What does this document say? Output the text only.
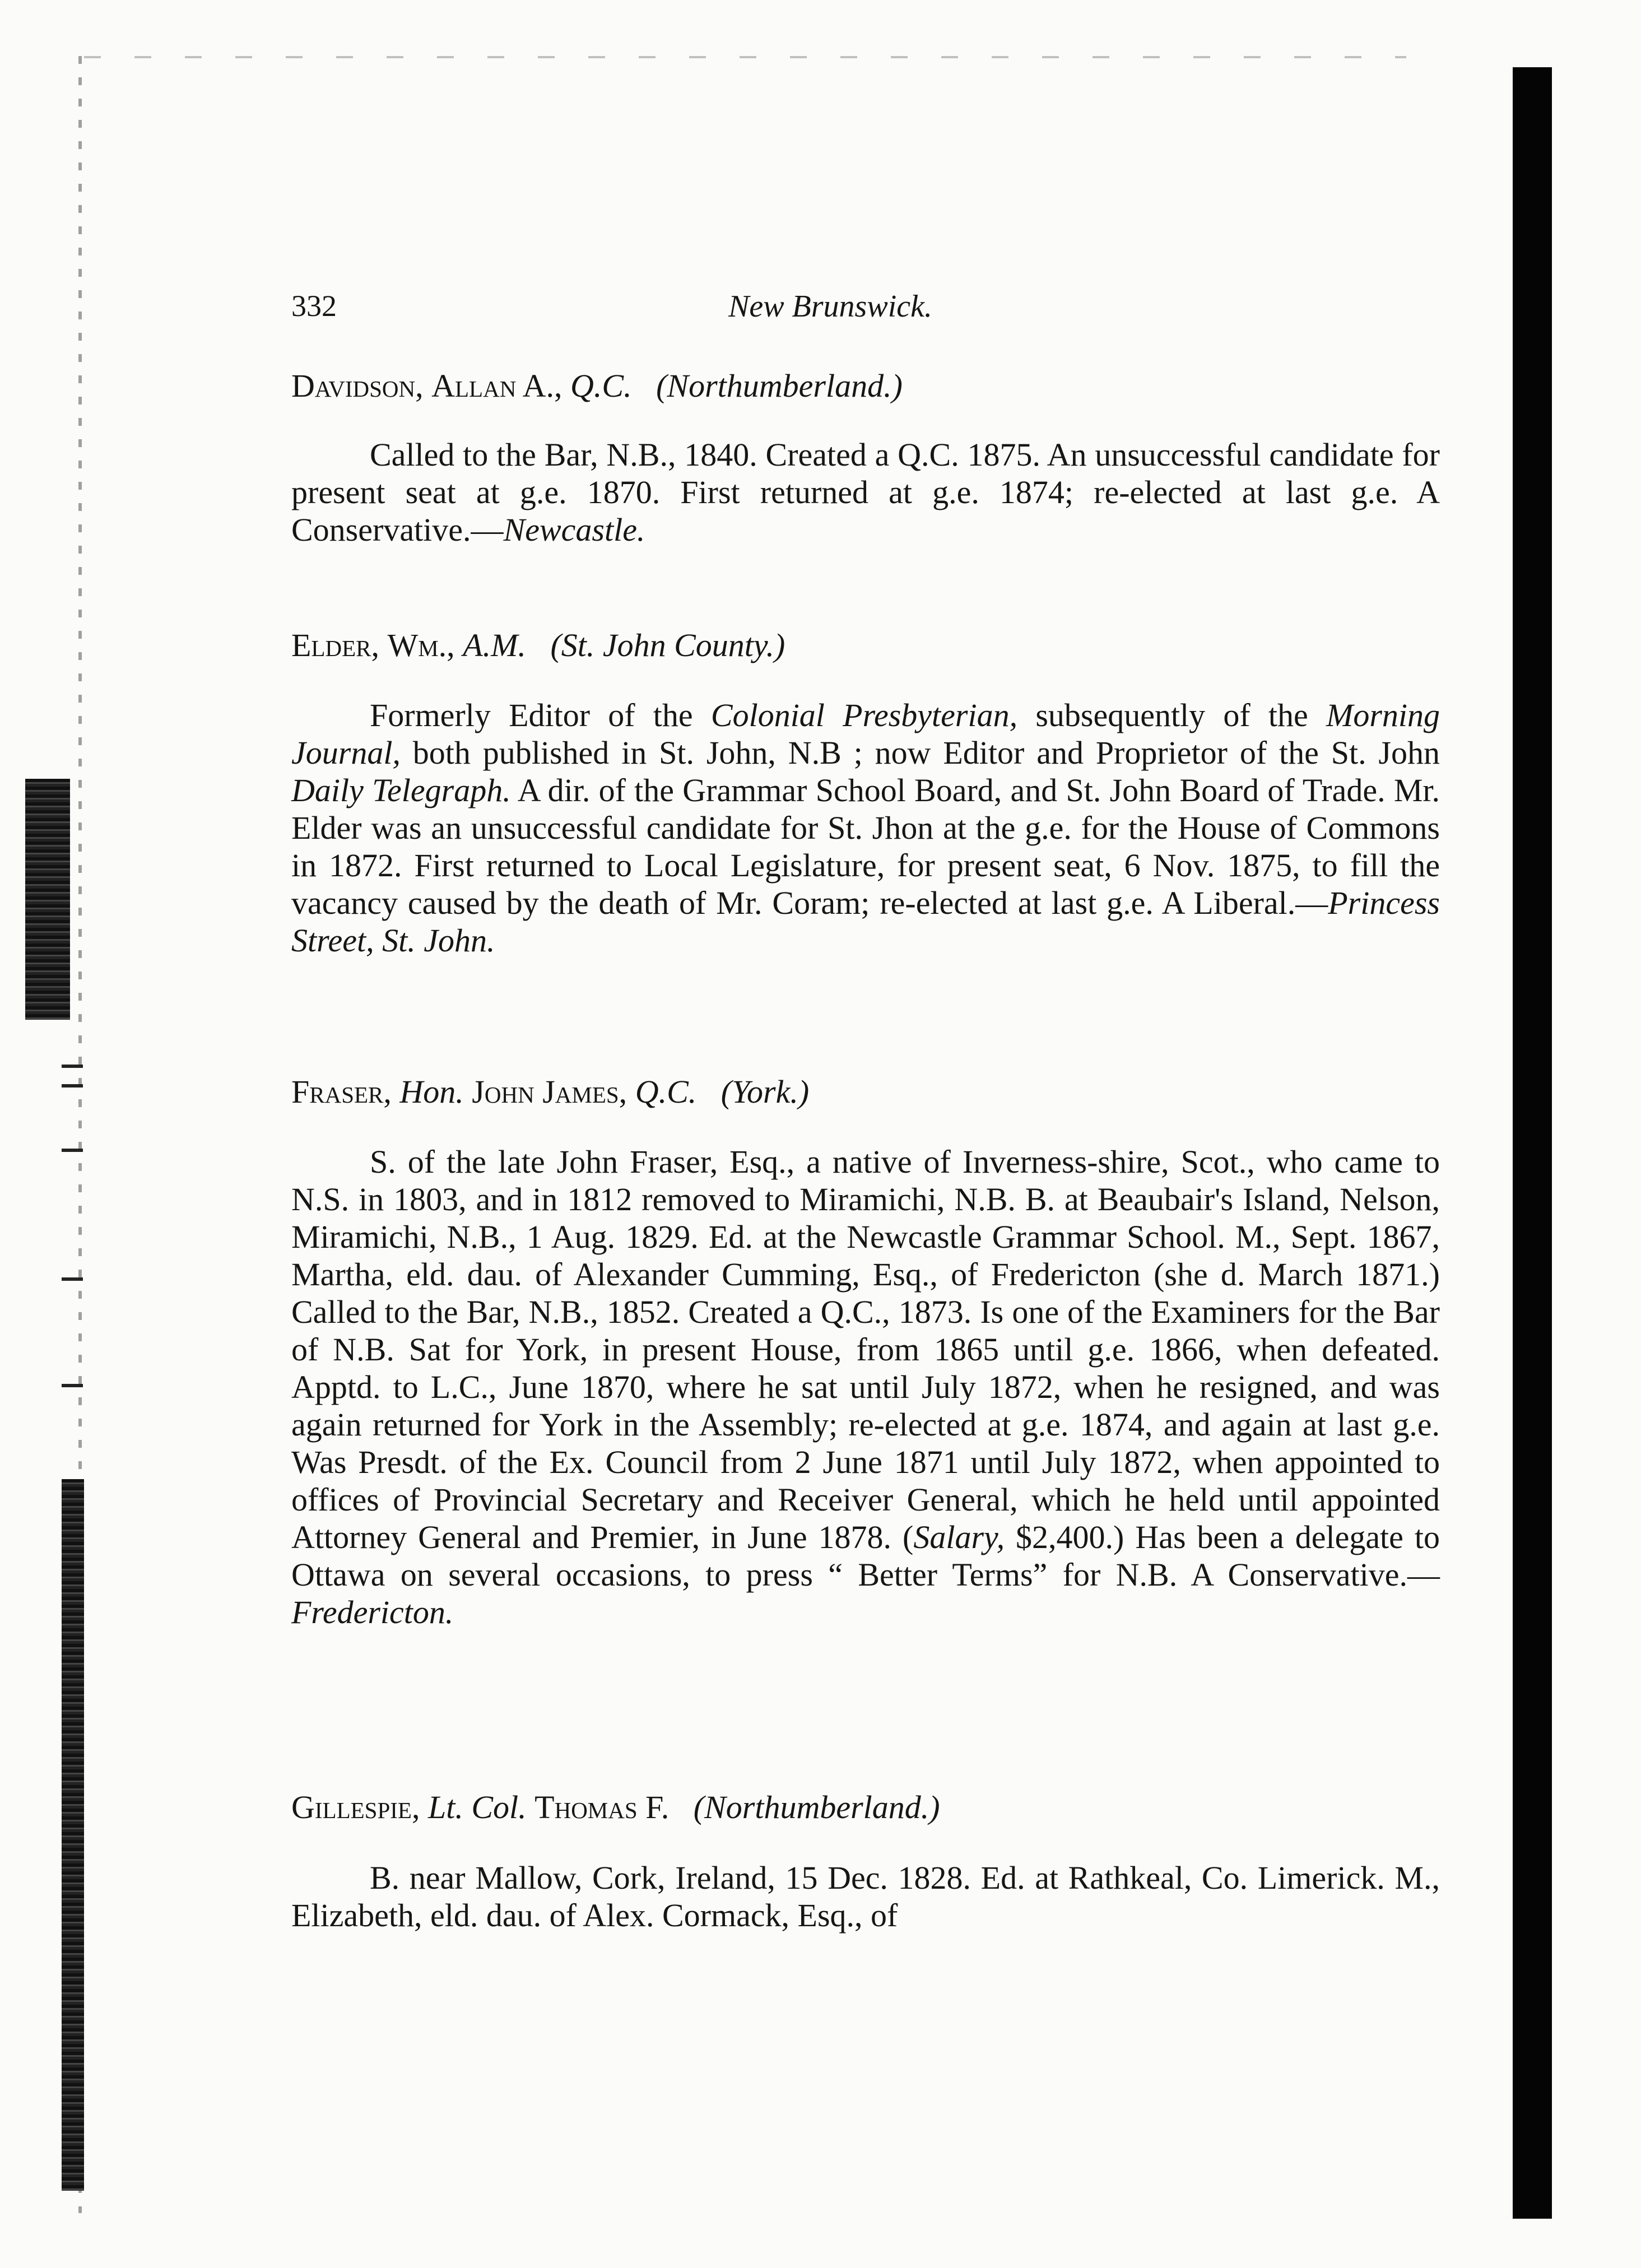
332	New Brunswick.
Davidson, Allan A., Q.C. (Northumberland.)
Called to the Bar, N.B., 1840. Created a Q.C. 1875. An unsuccessful candidate for present seat at g.e. 1870. First returned at g.e. 1874; re-elected at last g.e. A Conservative.—Newcastle.
Elder, Wm., A.M. (St. John County.)
Formerly Editor of the Colonial Presbyterian, subsequently of the Morning Journal, both published in St. John, N.B ; now Editor and Proprietor of the St. John Daily Telegraph. A dir. of the Grammar School Board, and St. John Board of Trade. Mr. Elder was an unsuccessful candidate for St. Jhon at the g.e. for the House of Commons in 1872. First returned to Local Legislature, for present seat, 6 Nov. 1875, to fill the vacancy caused by the death of Mr. Coram; re-elected at last g.e. A Liberal.—Princess Street, St. John.
Fraser, Hon. John James, Q.C. (York.)
S. of the late John Fraser, Esq., a native of Inverness-shire, Scot., who came to N.S. in 1803, and in 1812 removed to Miramichi, N.B. B. at Beaubair's Island, Nelson, Miramichi, N.B., 1 Aug. 1829. Ed. at the Newcastle Grammar School. M., Sept. 1867, Martha, eld. dau. of Alexander Cumming, Esq., of Fredericton (she d. March 1871.) Called to the Bar, N.B., 1852. Created a Q.C., 1873. Is one of the Examiners for the Bar of N.B. Sat for York, in present House, from 1865 until g.e. 1866, when defeated. Apptd. to L.C., June 1870, where he sat until July 1872, when he resigned, and was again returned for York in the Assembly; re-elected at g.e. 1874, and again at last g.e. Was Presdt. of the Ex. Council from 2 June 1871 until July 1872, when appointed to offices of Provincial Secretary and Receiver General, which he held until appointed Attorney General and Premier, in June 1878. (Salary, $2,400.) Has been a delegate to Ottawa on several occasions, to press “ Better Terms” for N.B. A Conservative.—Fredericton.
Gillespie, Lt. Col. Thomas F. (Northumberland.)
B. near Mallow, Cork, Ireland, 15 Dec. 1828. Ed. at Rathkeal, Co. Limerick. M., Elizabeth, eld. dau. of Alex. Cormack, Esq., of
